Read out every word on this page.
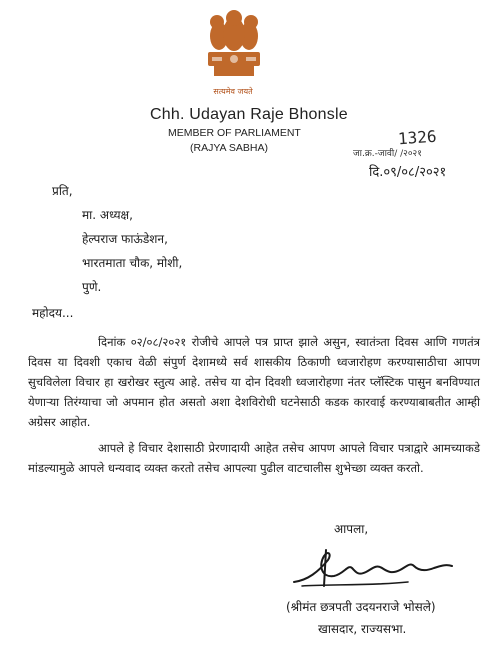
सत्यमेव जयते
Chh. Udayan Raje Bhonsle
MEMBER OF PARLIAMENT
(RAJYA SABHA)	1326
जा.क्र.-जावी/ /२०२१
दि.०९/०८/२०२१
प्रति,
मा. अध्यक्ष,
हेल्पराज फाऊंडेशन,
भारतमाता चौक, मोशी,
पुणे.
महोदय...
दिनांक ०२/०८/२०२१ रोजीचे आपले पत्र प्राप्त झाले असुन, स्वातंत्र्ता दिवस आणि गणतंत्र दिवस या दिवशी एकाच वेळी संपुर्ण देशामध्ये सर्व शासकीय ठिकाणी ध्वजारोहण करण्यासाठीचा आपण सुचविलेला विचार हा खरोखर स्तुत्य आहे. तसेच या दोन दिवशी ध्वजारोहणा नंतर प्लॅस्टिक पासुन बनविण्यात येणाऱ्या तिरंग्याचा जो अपमान होत असतो अशा देशविरोधी घटनेसाठी कडक कारवाई करण्याबाबतीत आम्ही अग्रेसर आहोत.
आपले हे विचार देशासाठी प्रेरणादायी आहेत तसेच आपण आपले विचार पत्राद्वारे आमच्याकडे मांडल्यामुळे आपले धन्यवाद व्यक्त करतो तसेच आपल्या पुढील वाटचालीस शुभेच्छा व्यक्त करतो.
आपला,
(श्रीमंत छत्रपती उदयनराजे भोसले)
खासदार, राज्यसभा.
